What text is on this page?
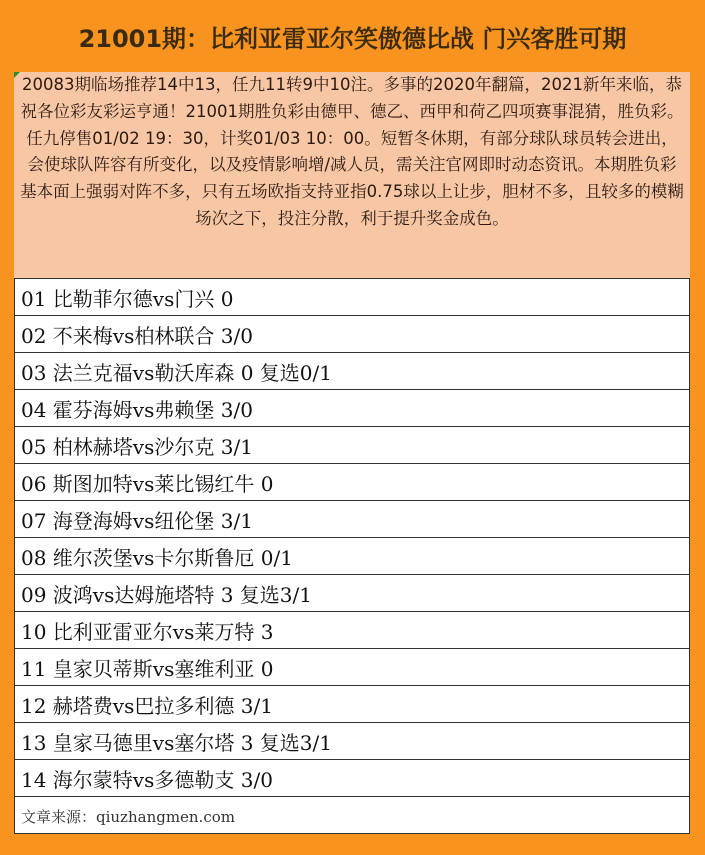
21001期：比利亚雷亚尔笑傲德比战 门兴客胜可期

20083期临场推荐14中13，任九11转9中10注。多事的2020年翻篇，2021新年来临，恭祝各位彩友彩运亨通！21001期胜负彩由德甲、德乙、西甲和荷乙四项赛事混猜，胜负彩。任九停售01/02 19：30，计奖01/03 10：00。短暂冬休期，有部分球队球员转会进出，会使球队阵容有所变化，以及疫情影响增/减人员，需关注官网即时动态资讯。本期胜负彩基本面上强弱对阵不多，只有五场欧指支持亚指0.75球以上让步，胆材不多，且较多的模糊场次之下，投注分散，利于提升奖金成色。

01 比勒菲尔德vs门兴 0
02 不来梅vs柏林联合 3/0
03 法兰克福vs勒沃库森 0 复选0/1
04 霍芬海姆vs弗赖堡 3/0
05 柏林赫塔vs沙尔克 3/1
06 斯图加特vs莱比锡红牛 0
07 海登海姆vs纽伦堡 3/1
08 维尔茨堡vs卡尔斯鲁厄 0/1
09 波鸿vs达姆施塔特 3 复选3/1
10 比利亚雷亚尔vs莱万特 3
11 皇家贝蒂斯vs塞维利亚 0
12 赫塔费vs巴拉多利德 3/1
13 皇家马德里vs塞尔塔 3 复选3/1
14 海尔蒙特vs多德勒支 3/0
文章来源：qiuzhangmen.com
